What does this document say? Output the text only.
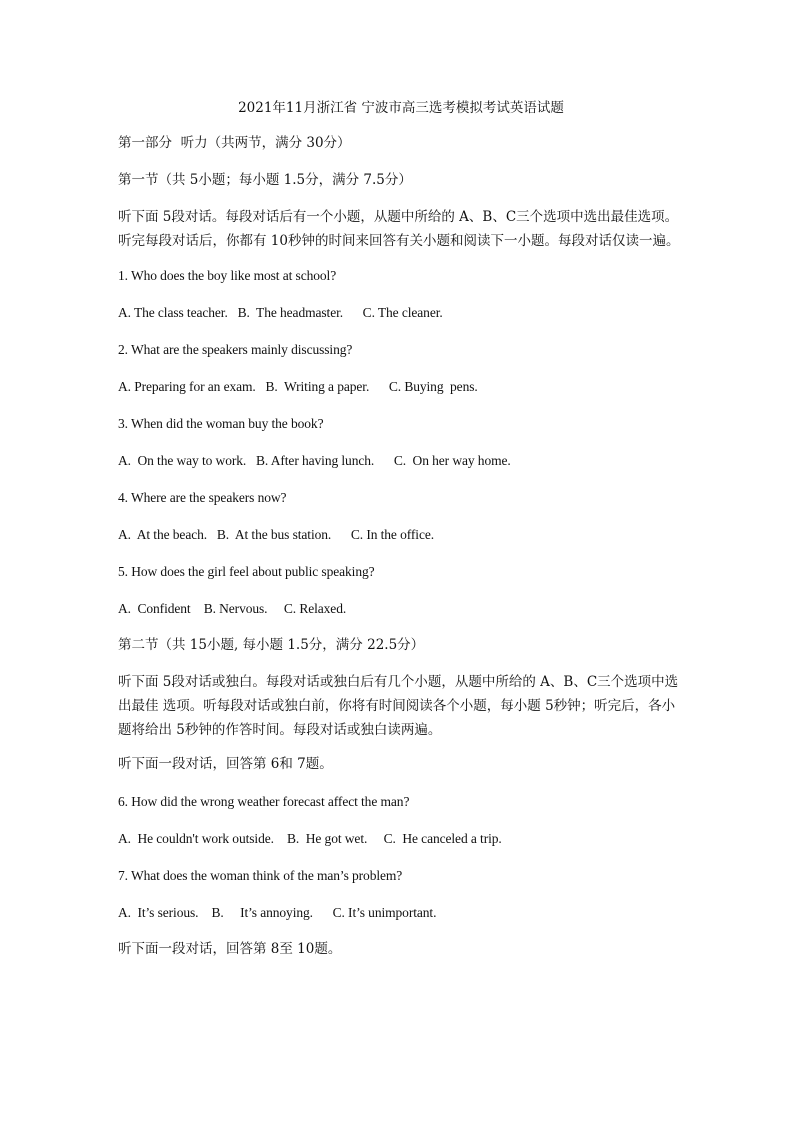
2021年11月浙江省 宁波市高三选考模拟考试英语试题
第一部分  听力（共两节，满分 30分）
第一节（共 5小题；每小题 1.5分，满分 7.5分）
听下面 5段对话。每段对话后有一个小题，从题中所给的 A、B、C三个选项中选出最佳选项。听完每段对话后，你都有 10秒钟的时间来回答有关小题和阅读下一小题。每段对话仅读一遍。
1. Who does the boy like most at school?
A. The class teacher. B.  The headmaster. C. The cleaner.
2. What are the speakers mainly discussing?
A. Preparing for an exam. B.  Writing a paper. C. Buying  pens.
3. When did the woman buy the book?
A.  On the way to work. B. After having lunch. C.  On her way home.
4. Where are the speakers now?
A.  At the beach. B.  At the bus station. C. In the office.
5. How does the girl feel about public speaking?
A.  Confident B. Nervous. C. Relaxed.
第二节（共 15小题, 每小题 1.5分，满分 22.5分）
听下面 5段对话或独白。每段对话或独白后有几个小题，从题中所给的 A、B、C三个选项中选出最佳 选项。听每段对话或独白前，你将有时间阅读各个小题，每小题 5秒钟；听完后，各小题将给出 5秒钟的作答时间。每段对话或独白读两遍。
听下面一段对话，回答第 6和 7题。
6. How did the wrong weather forecast affect the man?
A.  He couldn't work outside. B.  He got wet. C.  He canceled a trip.
7. What does the woman think of the man’s problem?
A.  It’s serious. B.     It’s annoying. C. It’s unimportant.
听下面一段对话，回答第 8至 10题。
